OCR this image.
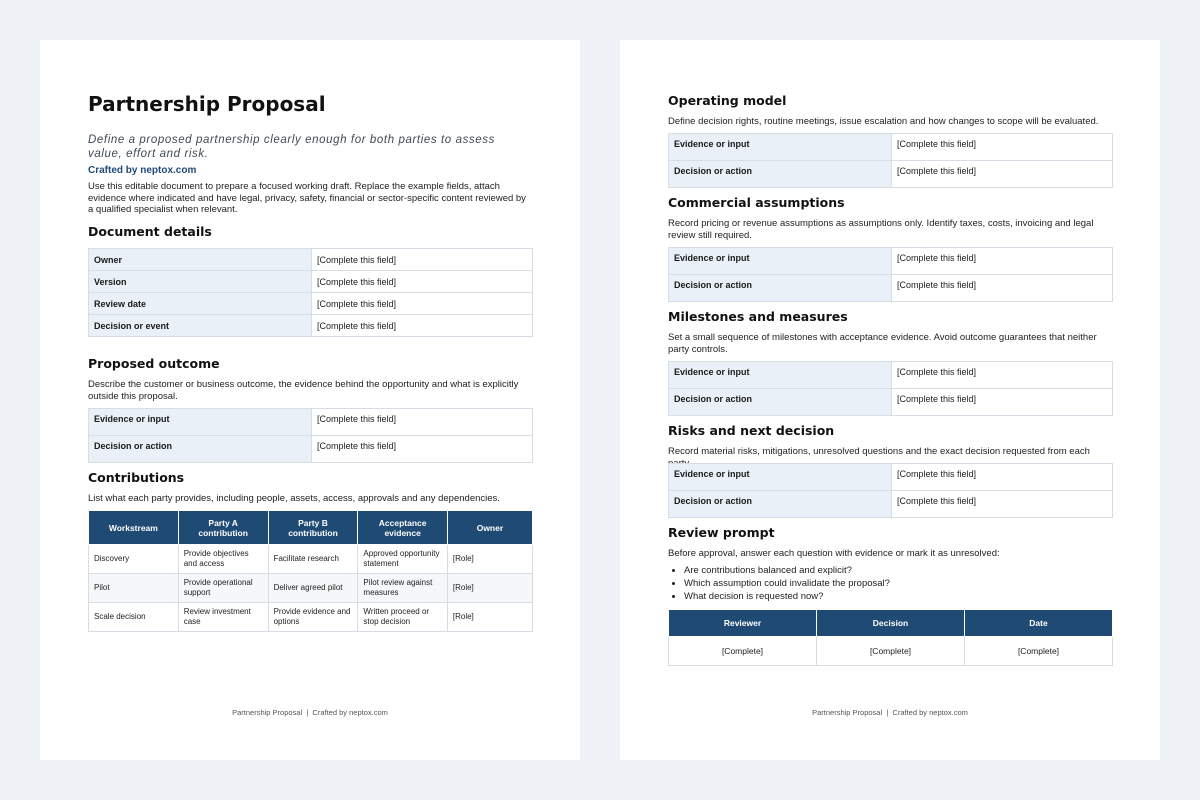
Partnership Proposal

Define a proposed partnership clearly enough for both parties to assess value, effort and risk.

Crafted by neptox.com

Use this editable document to prepare a focused working draft. Replace the example fields, attach evidence where indicated and have legal, privacy, safety, financial or sector-specific content reviewed by a qualified specialist when relevant.

Document details
Owner	[Complete this field]
Version	[Complete this field]
Review date	[Complete this field]
Decision or event	[Complete this field]
Proposed outcome

Describe the customer or business outcome, the evidence behind the opportunity and what is explicitly outside this proposal.

Evidence or input	[Complete this field]
Decision or action	[Complete this field]
Contributions

List what each party provides, including people, assets, access, approvals and any dependencies.

Workstream	Party A contribution	Party B contribution	Acceptance evidence	Owner
Discovery	Provide objectives and access	Facilitate research	Approved opportunity statement	[Role]
Pilot	Provide operational support	Deliver agreed pilot	Pilot review against measures	[Role]
Scale decision	Review investment case	Provide evidence and options	Written proceed or stop decision	[Role]
Partnership Proposal  |  Crafted by neptox.com
Operating model

Define decision rights, routine meetings, issue escalation and how changes to scope will be evaluated.

Evidence or input	[Complete this field]
Decision or action	[Complete this field]
Commercial assumptions

Record pricing or revenue assumptions as assumptions only. Identify taxes, costs, invoicing and legal review still required.

Evidence or input	[Complete this field]
Decision or action	[Complete this field]
Milestones and measures

Set a small sequence of milestones with acceptance evidence. Avoid outcome guarantees that neither party controls.

Evidence or input	[Complete this field]
Decision or action	[Complete this field]
Risks and next decision

Record material risks, mitigations, unresolved questions and the exact decision requested from each

Evidence or input	[Complete this field]
Decision or action	[Complete this field]
Review prompt

Before approval, answer each question with evidence or mark it as unresolved:

• Are contributions balanced and explicit?
• Which assumption could invalidate the proposal?
• What decision is requested now?
Reviewer	Decision	Date
[Complete]	[Complete]	[Complete]
Partnership Proposal  |  Crafted by neptox.com
